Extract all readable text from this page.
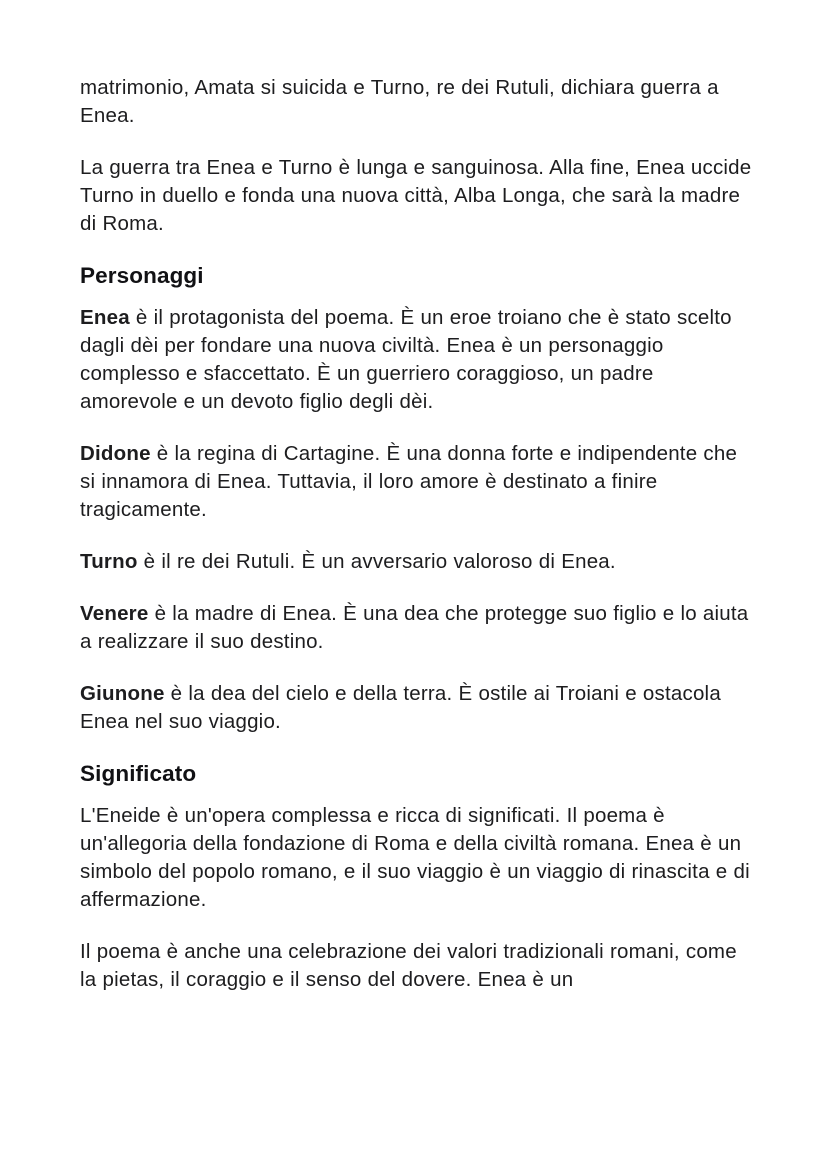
matrimonio, Amata si suicida e Turno, re dei Rutuli, dichiara guerra a Enea.

La guerra tra Enea e Turno è lunga e sanguinosa. Alla fine, Enea uccide Turno in duello e fonda una nuova città, Alba Longa, che sarà la madre di Roma.

Personaggi

Enea è il protagonista del poema. È un eroe troiano che è stato scelto dagli dèi per fondare una nuova civiltà. Enea è un personaggio complesso e sfaccettato. È un guerriero coraggioso, un padre amorevole e un devoto figlio degli dèi.

Didone è la regina di Cartagine. È una donna forte e indipendente che si innamora di Enea. Tuttavia, il loro amore è destinato a finire tragicamente.

Turno è il re dei Rutuli. È un avversario valoroso di Enea.

Venere è la madre di Enea. È una dea che protegge suo figlio e lo aiuta a realizzare il suo destino.

Giunone è la dea del cielo e della terra. È ostile ai Troiani e ostacola Enea nel suo viaggio.

Significato

L'Eneide è un'opera complessa e ricca di significati. Il poema è un'allegoria della fondazione di Roma e della civiltà romana. Enea è un simbolo del popolo romano, e il suo viaggio è un viaggio di rinascita e di affermazione.

Il poema è anche una celebrazione dei valori tradizionali romani, come la pietas, il coraggio e il senso del dovere. Enea è un
